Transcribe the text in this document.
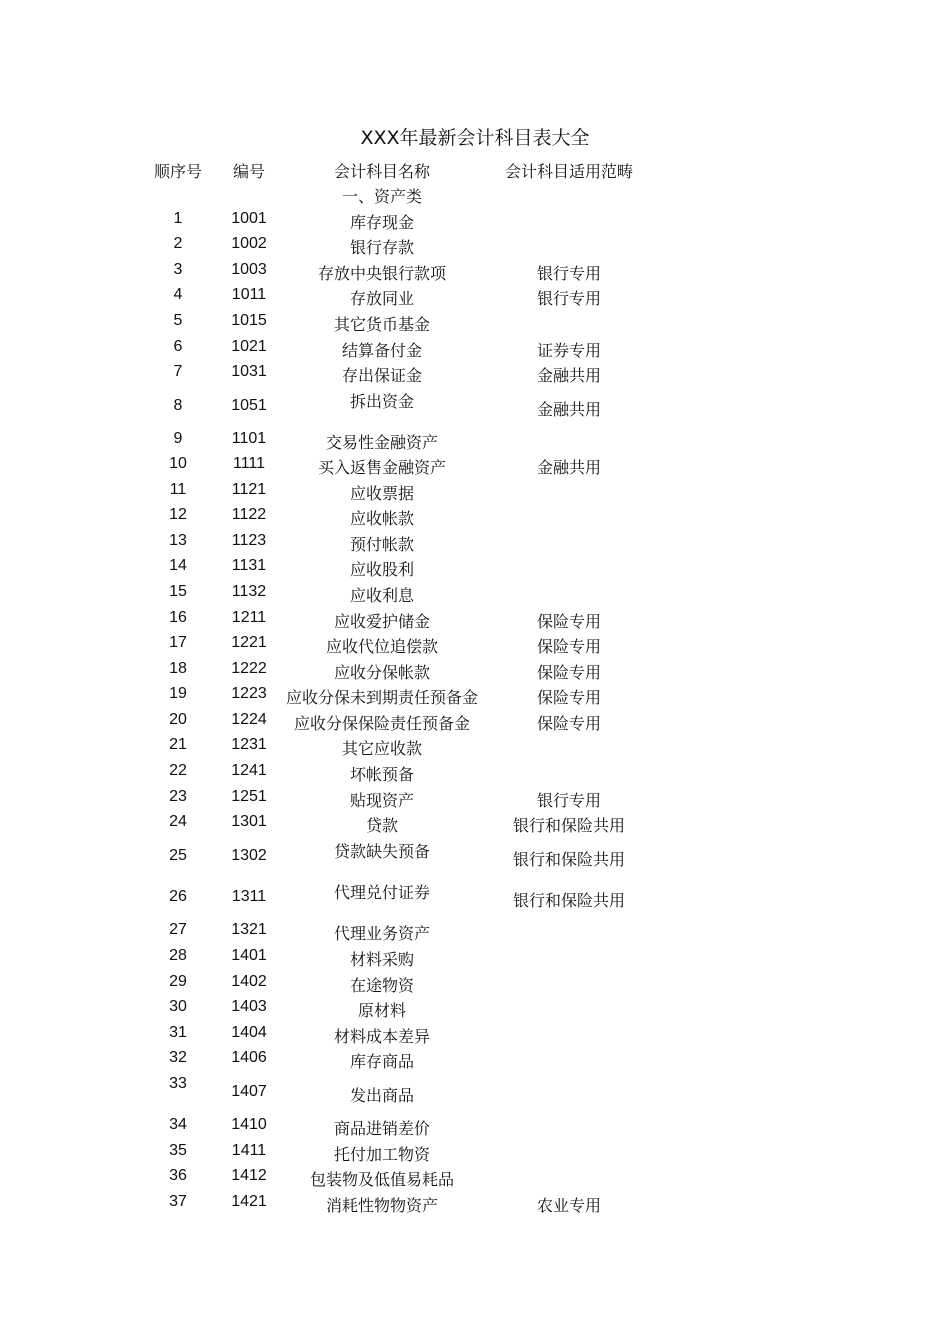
XXX年最新会计科目表大全
顺序号	编号	会计科目名称	会计科目适用范畴
一、资产类
1	1001	库存现金
2	1002	银行存款
3	1003	存放中央银行款项	银行专用
4	1011	存放同业	银行专用
5	1015	其它货币基金
6	1021	结算备付金	证券专用
7	1031	存出保证金	金融共用
8	1051	拆出资金	金融共用
9	1101	交易性金融资产
10	1111	买入返售金融资产	金融共用
11	1121	应收票据
12	1122	应收帐款
13	1123	预付帐款
14	1131	应收股利
15	1132	应收利息
16	1211	应收爱护储金	保险专用
17	1221	应收代位追偿款	保险专用
18	1222	应收分保帐款	保险专用
19	1223	应收分保未到期责任预备金	保险专用
20	1224	应收分保保险责任预备金	保险专用
21	1231	其它应收款
22	1241	坏帐预备
23	1251	贴现资产	银行专用
24	1301	贷款	银行和保险共用
25	1302	贷款缺失预备	银行和保险共用
26	1311	代理兑付证券	银行和保险共用
27	1321	代理业务资产
28	1401	材料采购
29	1402	在途物资
30	1403	原材料
31	1404	材料成本差异
32	1406	库存商品
33	1407	发出商品
34	1410	商品进销差价
35	1411	托付加工物资
36	1412	包装物及低值易耗品
37	1421	消耗性物物资产	农业专用
